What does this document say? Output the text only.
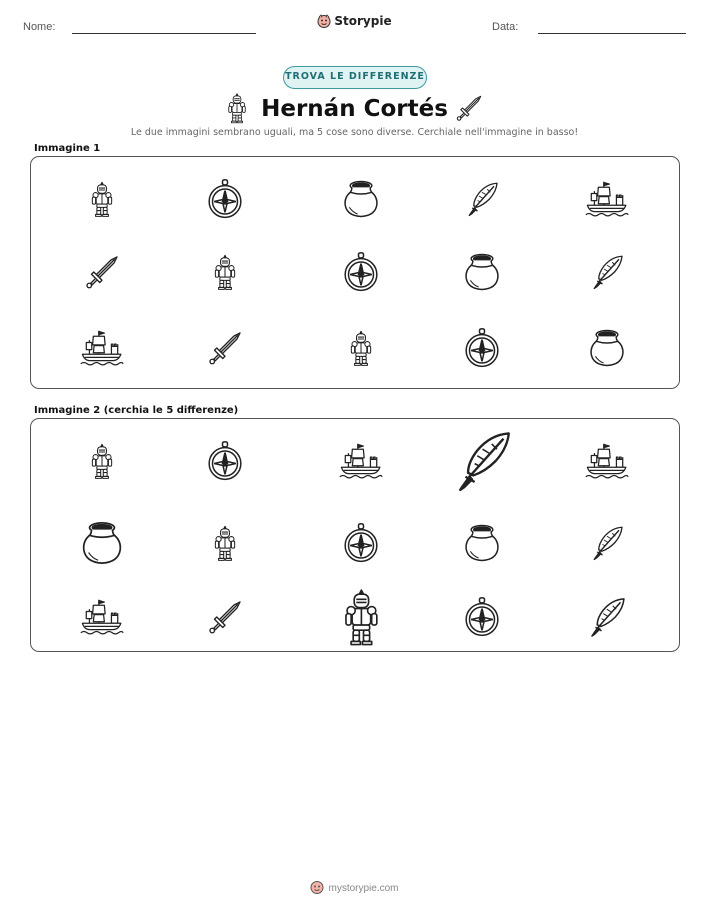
Nome:	Data:
Storypie
TROVA LE DIFFERENZE
Hernán Cortés
Le due immagini sembrano uguali, ma 5 cose sono diverse. Cerchiale nell'immagine in basso!
Immagine 1
Immagine 2 (cerchia le 5 differenze)
mystorypie.com
